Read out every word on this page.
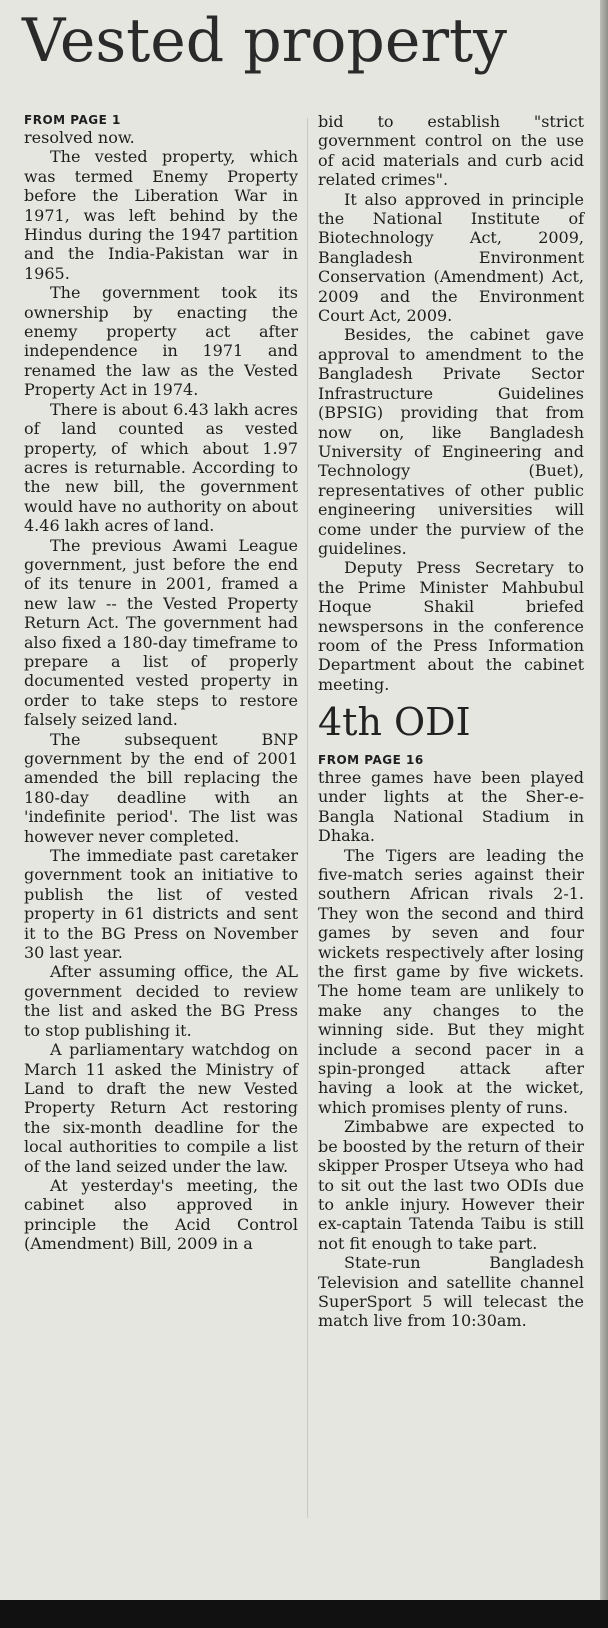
Vested property
FROM PAGE 1

resolved now.

The vested property, which was termed Enemy Property before the Liberation War in 1971, was left behind by the Hindus during the 1947 partition and the India-Pakistan war in 1965.

The government took its ownership by enacting the enemy property act after independence in 1971 and renamed the law as the Vested Property Act in 1974.

There is about 6.43 lakh acres of land counted as vested property, of which about 1.97 acres is returnable. According to the new bill, the government would have no authority on about 4.46 lakh acres of land.

The previous Awami League government, just before the end of its tenure in 2001, framed a new law -- the Vested Property Return Act. The government had also fixed a 180-day timeframe to prepare a list of properly documented vested property in order to take steps to restore falsely seized land.

The subsequent BNP government by the end of 2001 amended the bill replacing the 180-day deadline with an 'indefinite period'. The list was however never completed.

The immediate past caretaker government took an initiative to publish the list of vested property in 61 districts and sent it to the BG Press on November 30 last year.

After assuming office, the AL government decided to review the list and asked the BG Press to stop publishing it.

A parliamentary watchdog on March 11 asked the Ministry of Land to draft the new Vested Property Return Act restoring the six-month deadline for the local authorities to compile a list of the land seized under the law.

At yesterday's meeting, the cabinet also approved in principle the Acid Control (Amendment) Bill, 2009 in a

bid to establish "strict government control on the use of acid materials and curb acid related crimes".

It also approved in principle the National Institute of Biotechnology Act, 2009, Bangladesh Environment Conservation (Amendment) Act, 2009 and the Environment Court Act, 2009.

Besides, the cabinet gave approval to amendment to the Bangladesh Private Sector Infrastructure Guidelines (BPSIG) providing that from now on, like Bangladesh University of Engineering and Technology (Buet), representatives of other public engineering universities will come under the purview of the guidelines.

Deputy Press Secretary to the Prime Minister Mahbubul Hoque Shakil briefed newspersons in the conference room of the Press Information Department about the cabinet meeting.

4th ODI
FROM PAGE 16

three games have been played under lights at the Sher-e-Bangla National Stadium in Dhaka.

The Tigers are leading the five-match series against their southern African rivals 2-1. They won the second and third games by seven and four wickets respectively after losing the first game by five wickets. The home team are unlikely to make any changes to the winning side. But they might include a second pacer in a spin-pronged attack after having a look at the wicket, which promises plenty of runs.

Zimbabwe are expected to be boosted by the return of their skipper Prosper Utseya who had to sit out the last two ODIs due to ankle injury. However their ex-captain Tatenda Taibu is still not fit enough to take part.

State-run Bangladesh Television and satellite channel SuperSport 5 will telecast the match live from 10:30am.
